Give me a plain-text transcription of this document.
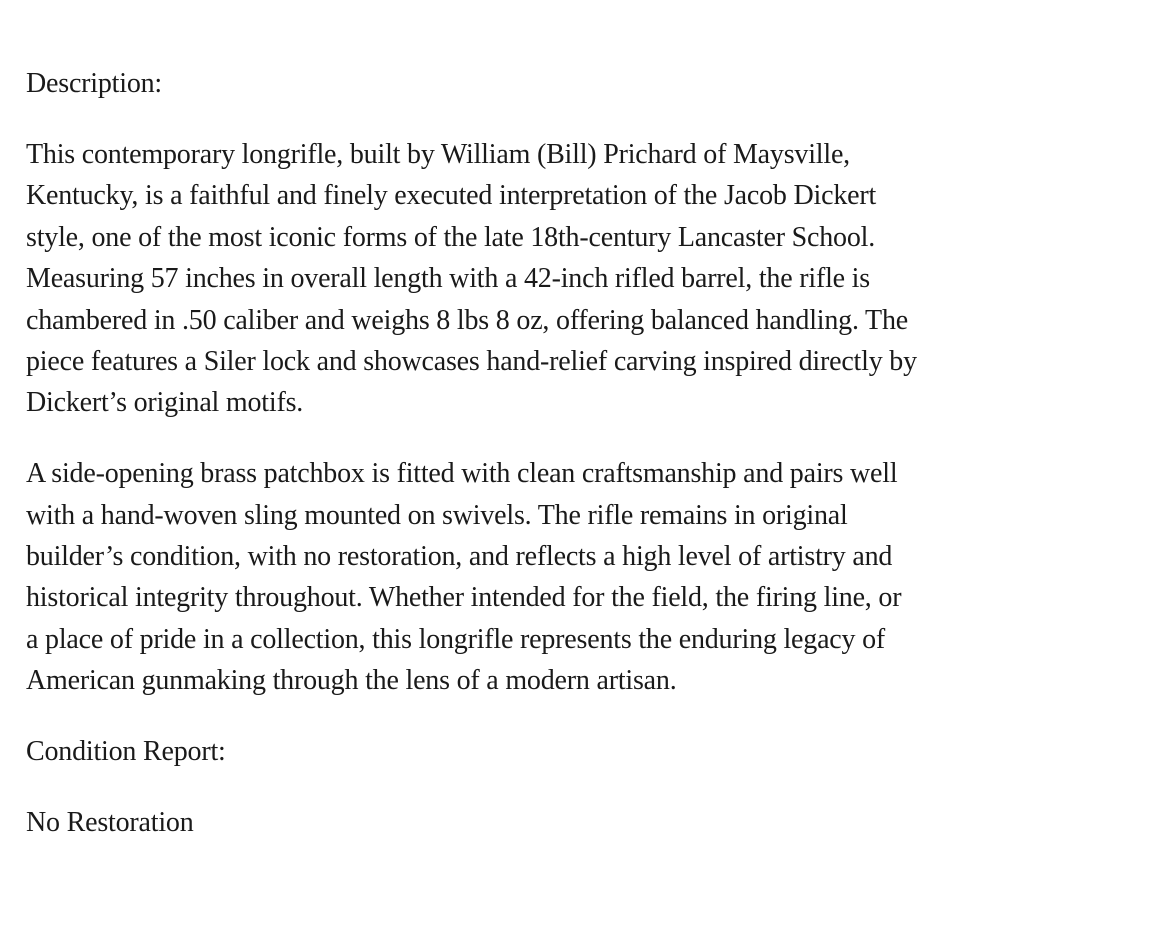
Description:

This contemporary longrifle, built by William (Bill) Prichard of Maysville,
Kentucky, is a faithful and finely executed interpretation of the Jacob Dickert
style, one of the most iconic forms of the late 18th-century Lancaster School.
Measuring 57 inches in overall length with a 42-inch rifled barrel, the rifle is
chambered in .50 caliber and weighs 8 lbs 8 oz, offering balanced handling. The
piece features a Siler lock and showcases hand-relief carving inspired directly by
Dickert’s original motifs.

A side-opening brass patchbox is fitted with clean craftsmanship and pairs well
with a hand-woven sling mounted on swivels. The rifle remains in original
builder’s condition, with no restoration, and reflects a high level of artistry and
historical integrity throughout. Whether intended for the field, the firing line, or
a place of pride in a collection, this longrifle represents the enduring legacy of
American gunmaking through the lens of a modern artisan.

Condition Report:

No Restoration
